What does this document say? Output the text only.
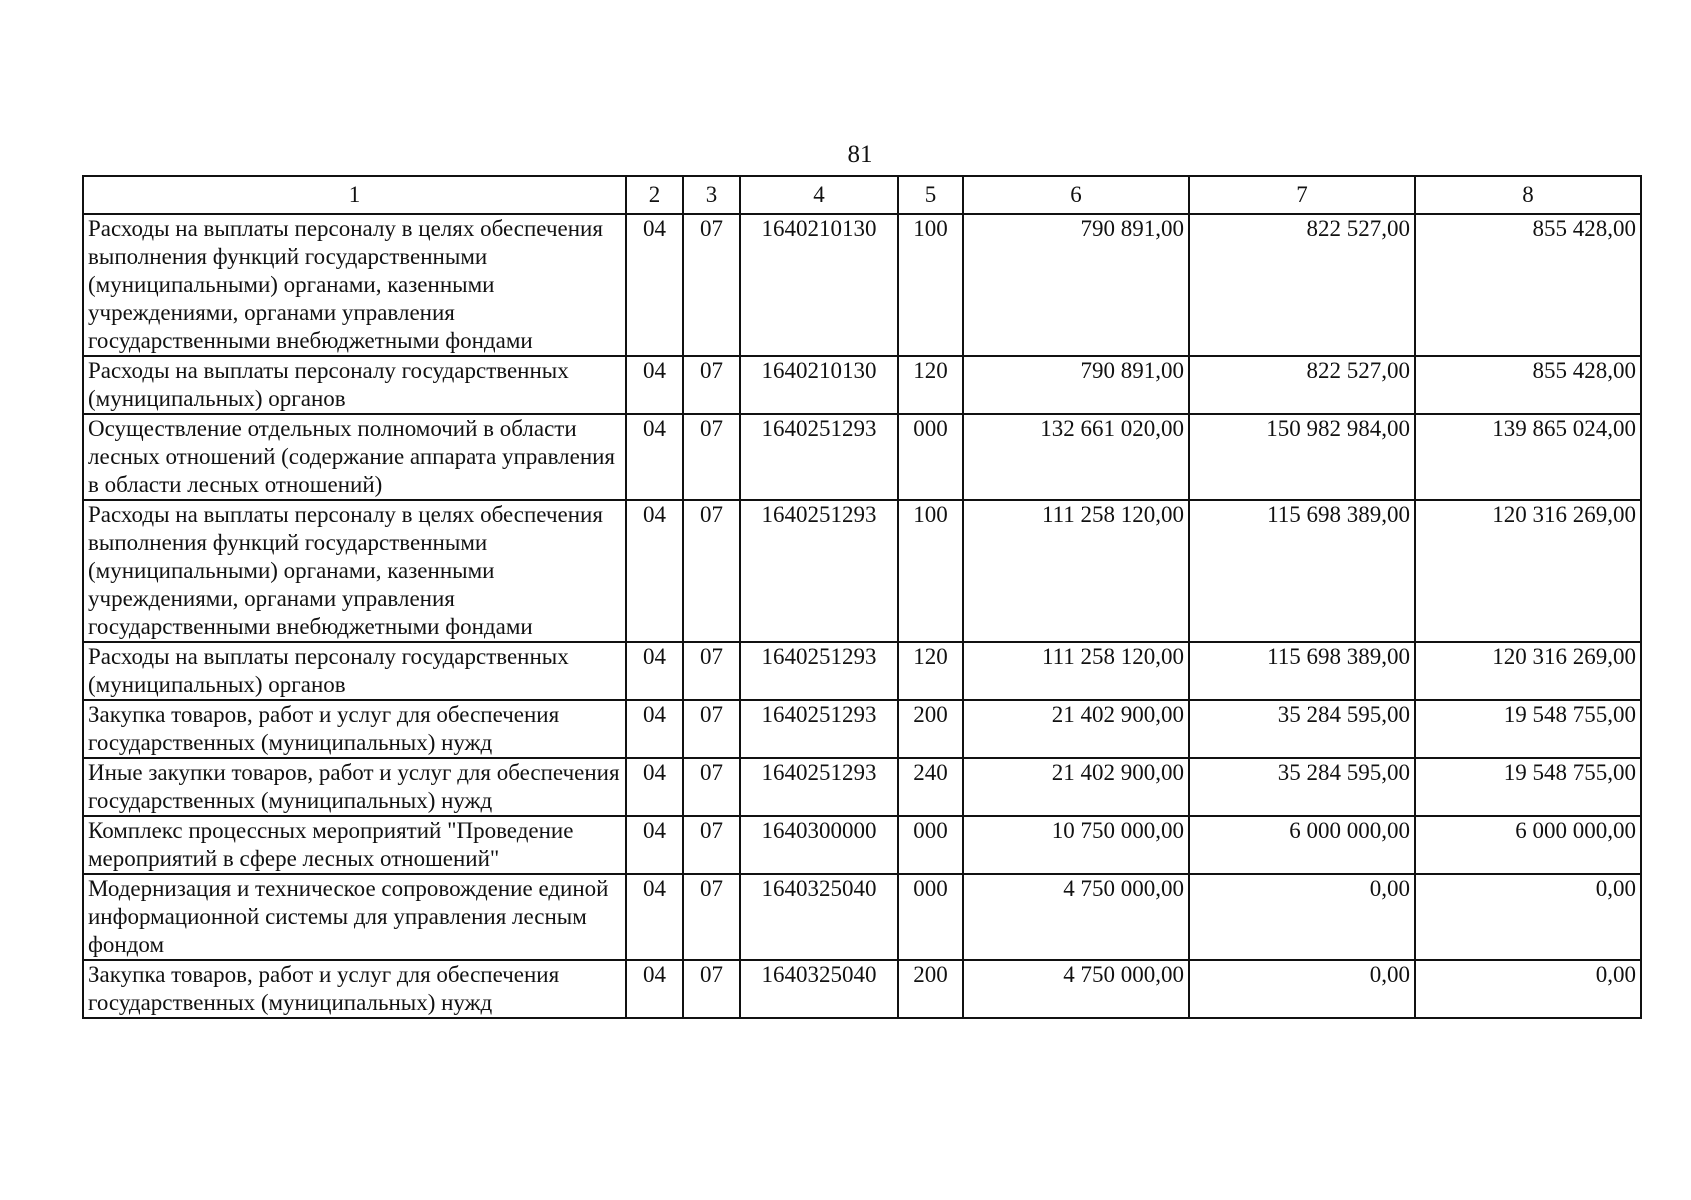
81
1	2	3	4	5	6	7	8
Расходы на выплаты персоналу в целях обеспечения выполнения функций государственными (муниципальными) органами, казенными учреждениями, органами управления государственными внебюджетными фондами	04	07	1640210130	100	790 891,00	822 527,00	855 428,00
Расходы на выплаты персоналу государственных (муниципальных) органов	04	07	1640210130	120	790 891,00	822 527,00	855 428,00
Осуществление отдельных полномочий в области лесных отношений (содержание аппарата управления в области лесных отношений)	04	07	1640251293	000	132 661 020,00	150 982 984,00	139 865 024,00
Расходы на выплаты персоналу в целях обеспечения выполнения функций государственными (муниципальными) органами, казенными учреждениями, органами управления государственными внебюджетными фондами	04	07	1640251293	100	111 258 120,00	115 698 389,00	120 316 269,00
Расходы на выплаты персоналу государственных (муниципальных) органов	04	07	1640251293	120	111 258 120,00	115 698 389,00	120 316 269,00
Закупка товаров, работ и услуг для обеспечения государственных (муниципальных) нужд	04	07	1640251293	200	21 402 900,00	35 284 595,00	19 548 755,00
Иные закупки товаров, работ и услуг для обеспечения государственных (муниципальных) нужд	04	07	1640251293	240	21 402 900,00	35 284 595,00	19 548 755,00
Комплекс процессных мероприятий "Проведение мероприятий в сфере лесных отношений"	04	07	1640300000	000	10 750 000,00	6 000 000,00	6 000 000,00
Модернизация и техническое сопровождение единой информационной системы для управления лесным фондом	04	07	1640325040	000	4 750 000,00	0,00	0,00
Закупка товаров, работ и услуг для обеспечения государственных (муниципальных) нужд	04	07	1640325040	200	4 750 000,00	0,00	0,00
